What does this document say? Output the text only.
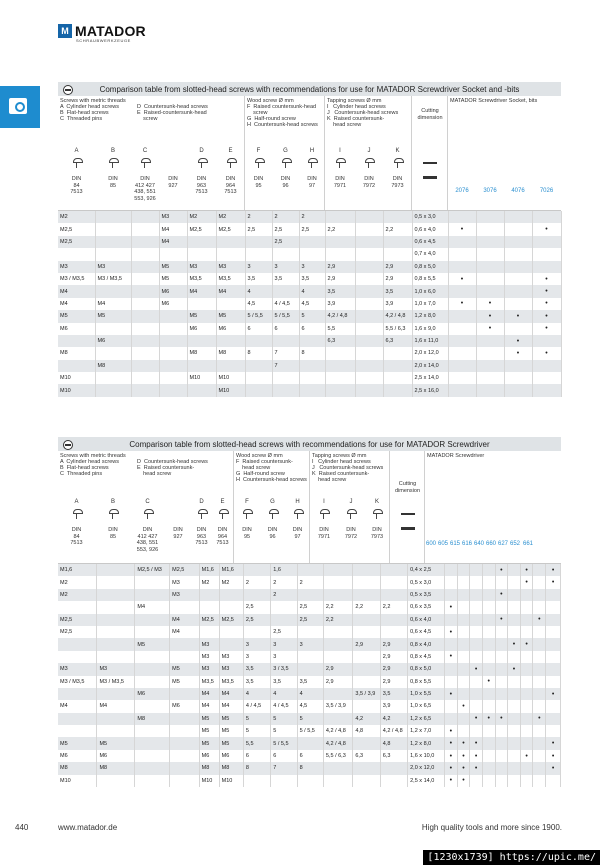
M MATADOR
SCHRAUBWERKZEUGE
Comparison table from slotted-head screws with recommendations for use for MATADOR Screwdriver Socket and -bits
Screws with metric threads
A  Cylinder head screws
B  Flat-head screws
C  Threaded pins
D  Countersunk-head screws
E  Raised-countersunk-head
screw
Wood screw Ø mm
F  Raised countersunk-head
screw
G  Half-round screw
H  Countersunk-head screws
Tapping screws Ø mm
I   Cylinder head screws
J   Countersunk-head screws
K  Raised countersunk-
head screw
Cutting
dimension
MATADOR Screwdriver Socket, bits
A
DIN
84
7513
B
DIN
85
C
DIN
412 427
438, 551
553, 926
DIN
927
D
DIN
963
7513
E
DIN
964
7513
F
DIN
95
G
DIN
96
H
DIN
97
I
DIN
7971
J
DIN
7972
K
DIN
7973
2076	3076	4076	7026
M2			M3	M2	M2	2	2	2				0,5 x 3,0				
M2,5			M4	M2,5	M2,5	2,5	2,5	2,5	2,2		2,2	0,6 x 4,0	•			•
M2,5			M4				2,5					0,6 x 4,5				
												0,7 x 4,0				
M3	M3		M5	M3	M3	3	3	3	2,9		2,9	0,8 x 5,0				
M3 / M3,5	M3 / M3,5		M5	M3,5	M3,5	3,5	3,5	3,5	2,9		2,9	0,8 x 5,5	•			•
M4			M6	M4	M4	4		4	3,5		3,5	1,0 x 6,0				•
M4	M4		M6			4,5	4 / 4,5	4,5	3,9		3,9	1,0 x 7,0	•	•		•
M5	M5			M5	M5	5 / 5,5	5 / 5,5	5	4,2 / 4,8		4,2 / 4,8	1,2 x 8,0		•	•	•
M6				M6	M6	6	6	6	5,5		5,5 / 6,3	1,6 x 9,0		•		•
	M6								6,3		6,3	1,6 x 11,0			•	
M8				M8	M8	8	7	8				2,0 x 12,0			•	•
	M8						7					2,0 x 14,0				
M10				M10	M10							2,5 x 14,0				
M10					M10							2,5 x 16,0				
Comparison table from slotted-head screws with recommendations for use for MATADOR Screwdriver
Screws with metric threads
A  Cylinder head screws
B  Flat-head screws
C  Threaded pins
D  Countersunk-head screws
E  Raised countersunk-
head screw
Wood screw Ø mm
F  Raised countersunk-
head screw
G  Half-round screw
H  Countersunk-head screws
Tapping screws Ø mm
I   Cylinder head screws
J   Countersunk-head screws
K  Raised countersunk-
head screw
Cutting
dimension
MATADOR Screwdriver
A
DIN
84
7513
B
DIN
85
C
DIN
412 427
438, 551
553, 926
DIN
927
D
DIN
963
7513
E
DIN
964
7513
F
DIN
95
G
DIN
96
H
DIN
97
I
DIN
7971
J
DIN
7972
K
DIN
7973
600 605 615 616 640 660 627 652 661
M1,6		M2,5 / M3	M2,5	M1,6	M1,6		1,6					0,4 x 2,5					•		•		•
M2			M3	M2	M2	2	2	2				0,5 x 3,0							•		•
M2			M3				2					0,5 x 3,5					•				
		M4				2,5		2,5	2,2	2,2	2,2	0,6 x 3,5	•								
M2,5			M4	M2,5	M2,5	2,5		2,5	2,2			0,6 x 4,0					•			•	
M2,5			M4				2,5					0,6 x 4,5	•								
		M5		M3		3	3	3		2,9	2,9	0,8 x 4,0						•	•		
				M3	M3	3	3				2,9	0,8 x 4,5	•								
M3	M3		M5	M3	M3	3,5	3 / 3,5		2,9		2,9	0,8 x 5,0			•			•			
M3 / M3,5	M3 / M3,5		M5	M3,5	M3,5	3,5	3,5	3,5	2,9		2,9	0,8 x 5,5				•					
		M6		M4	M4	4	4	4		3,5 / 3,9	3,5	1,0 x 5,5	•								•
M4	M4		M6	M4	M4	4 / 4,5	4 / 4,5	4,5	3,5 / 3,9		3,9	1,0 x 6,5		•							
		M8		M5	M5	5	5	5		4,2	4,2	1,2 x 6,5			•	•	•			•	
				M5	M5	5	5	5 / 5,5	4,2 / 4,8	4,8	4,2 / 4,8	1,2 x 7,0	•								
M5	M5			M5	M5	5,5	5 / 5,5		4,2 / 4,8		4,8	1,2 x 8,0	•	•	•						•
M6	M6			M6	M6	6	6	6	5,5 / 6,3	6,3	6,3	1,6 x 10,0	•	•	•				•		•
M8	M8			M8	M8	8	7	8				2,0 x 12,0	•	•	•						•
M10				M10	M10							2,5 x 14,0	•	•							
440	www.matador.de	High quality tools and more since 1900.
[1230x1739] https://upic.me/
